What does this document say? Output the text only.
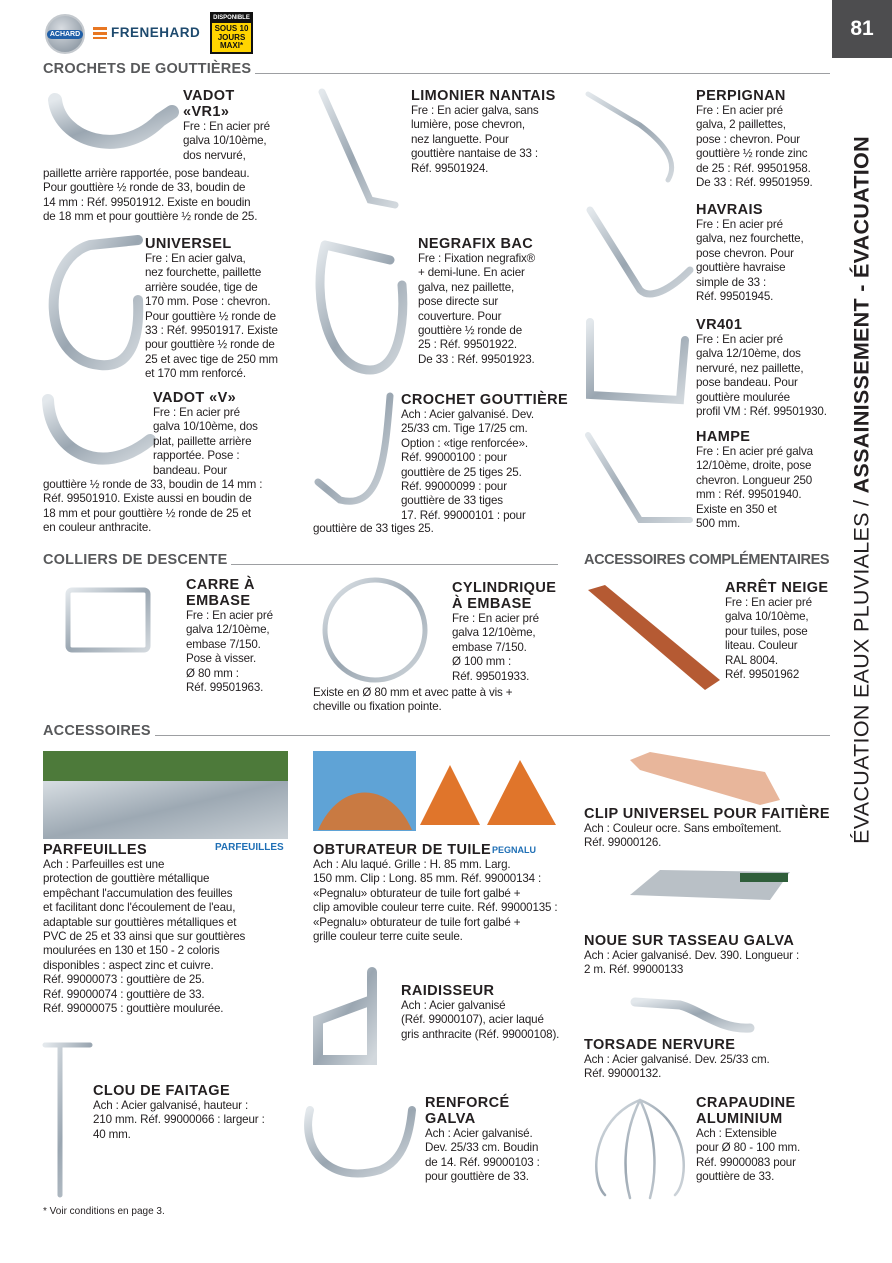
ACHARD FRENEHARD
DISPONIBLE
SOUS 10 JOURS MAXI*
81
ÉVACUATION EAUX PLUVIALES / ASSAINISSEMENT - ÉVACUATION
CROCHETS DE GOUTTIÈRES
COLLIERS DE DESCENTE	ACCESSOIRES COMPLÉMENTAIRES
ACCESSOIRES
PARFEUILLES	PEGNALU
VADOT
«VR1»
Fre : En acier pré
galva 10/10ème,
dos nervuré,
paillette arrière rapportée, pose bandeau.
Pour gouttière ½ ronde de 33, boudin de
14 mm : Réf. 99501912. Existe en boudin
de 18 mm et pour gouttière ½ ronde de 25.
LIMONIER NANTAIS
Fre : En acier galva, sans
lumière, pose chevron,
nez languette. Pour
gouttière nantaise de 33 :
Réf. 99501924.
PERPIGNAN
Fre : En acier pré
galva, 2 paillettes,
pose : chevron. Pour
gouttière ½ ronde zinc
de 25 : Réf. 99501958.
De 33 : Réf. 99501959.
UNIVERSEL
Fre : En acier galva,
nez fourchette, paillette
arrière soudée, tige de
170 mm. Pose : chevron.
Pour gouttière ½ ronde de
33 : Réf. 99501917. Existe
pour gouttière ½ ronde de
25 et avec tige de 250 mm
et 170 mm renforcé.
NEGRAFIX BAC
Fre : Fixation negrafix®
+ demi-lune. En acier
galva, nez paillette,
pose directe sur
couverture. Pour
gouttière ½ ronde de
25 : Réf. 99501922.
De 33 : Réf. 99501923.
HAVRAIS
Fre : En acier pré
galva, nez fourchette,
pose chevron. Pour
gouttière havraise
simple de 33 :
Réf. 99501945.
VR401
Fre : En acier pré
galva 12/10ème, dos
nervuré, nez paillette,
pose bandeau. Pour
gouttière moulurée
profil VM : Réf. 99501930.
VADOT «V»
Fre : En acier pré
galva 10/10ème, dos
plat, paillette arrière
rapportée. Pose :
bandeau. Pour
gouttière ½ ronde de 33, boudin de 14 mm :
Réf. 99501910. Existe aussi en boudin de
18 mm et pour gouttière ½ ronde de 25 et
en couleur anthracite.
CROCHET GOUTTIÈRE
Ach : Acier galvanisé. Dev.
25/33 cm. Tige 17/25 cm.
Option : «tige renforcée».
Réf. 99000100 : pour
gouttière de 25 tiges 25.
Réf. 99000099 : pour
gouttière de 33 tiges
17. Réf. 99000101 : pour
gouttière de 33 tiges 25.
HAMPE
Fre : En acier pré galva
12/10ème, droite, pose
chevron. Longueur 250
mm : Réf. 99501940.
Existe en 350 et
500 mm.
CARRE À
EMBASE
Fre : En acier pré
galva 12/10ème,
embase 7/150.
Pose à visser.
Ø 80 mm :
Réf. 99501963.
CYLINDRIQUE
À EMBASE
Fre : En acier pré
galva 12/10ème,
embase 7/150.
Ø 100 mm :
Réf. 99501933.
Existe en Ø 80 mm et avec patte à vis +
cheville ou fixation pointe.
ARRÊT NEIGE
Fre : En acier pré
galva 10/10ème,
pour tuiles, pose
liteau. Couleur
RAL 8004.
Réf. 99501962
PARFEUILLES
Ach : Parfeuilles est une
protection de gouttière métallique
empêchant l'accumulation des feuilles
et facilitant donc l'écoulement de l'eau,
adaptable sur gouttières métalliques et
PVC de 25 et 33 ainsi que sur gouttières
moulurées en 130 et 150 - 2 coloris
disponibles : aspect zinc et cuivre.
Réf. 99000073 : gouttière de 25.
Réf. 99000074 : gouttière de 33.
Réf. 99000075 : gouttière moulurée.
OBTURATEUR DE TUILE
Ach : Alu laqué. Grille : H. 85 mm. Larg.
150 mm. Clip : Long. 85 mm. Réf. 99000134 :
«Pegnalu» obturateur de tuile fort galbé +
clip amovible couleur terre cuite. Réf. 99000135 :
«Pegnalu» obturateur de tuile fort galbé +
grille couleur terre cuite seule.
CLIP UNIVERSEL POUR FAITIÈRE
Ach : Couleur ocre. Sans emboîtement.
Réf. 99000126.
NOUE SUR TASSEAU GALVA
Ach : Acier galvanisé. Dev. 390. Longueur :
2 m. Réf. 99000133
RAIDISSEUR
Ach : Acier galvanisé
(Réf. 99000107), acier laqué
gris anthracite (Réf. 99000108).
TORSADE NERVURE
Ach : Acier galvanisé. Dev. 25/33 cm.
Réf. 99000132.
CLOU DE FAITAGE
Ach : Acier galvanisé, hauteur :
210 mm. Réf. 99000066 : largeur :
40 mm.
RENFORCÉ
GALVA
Ach : Acier galvanisé.
Dev. 25/33 cm. Boudin
de 14. Réf. 99000103 :
pour gouttière de 33.
CRAPAUDINE
ALUMINIUM
Ach : Extensible
pour Ø 80 - 100 mm.
Réf. 99000083 pour
gouttière de 33.
* Voir conditions en page 3.
